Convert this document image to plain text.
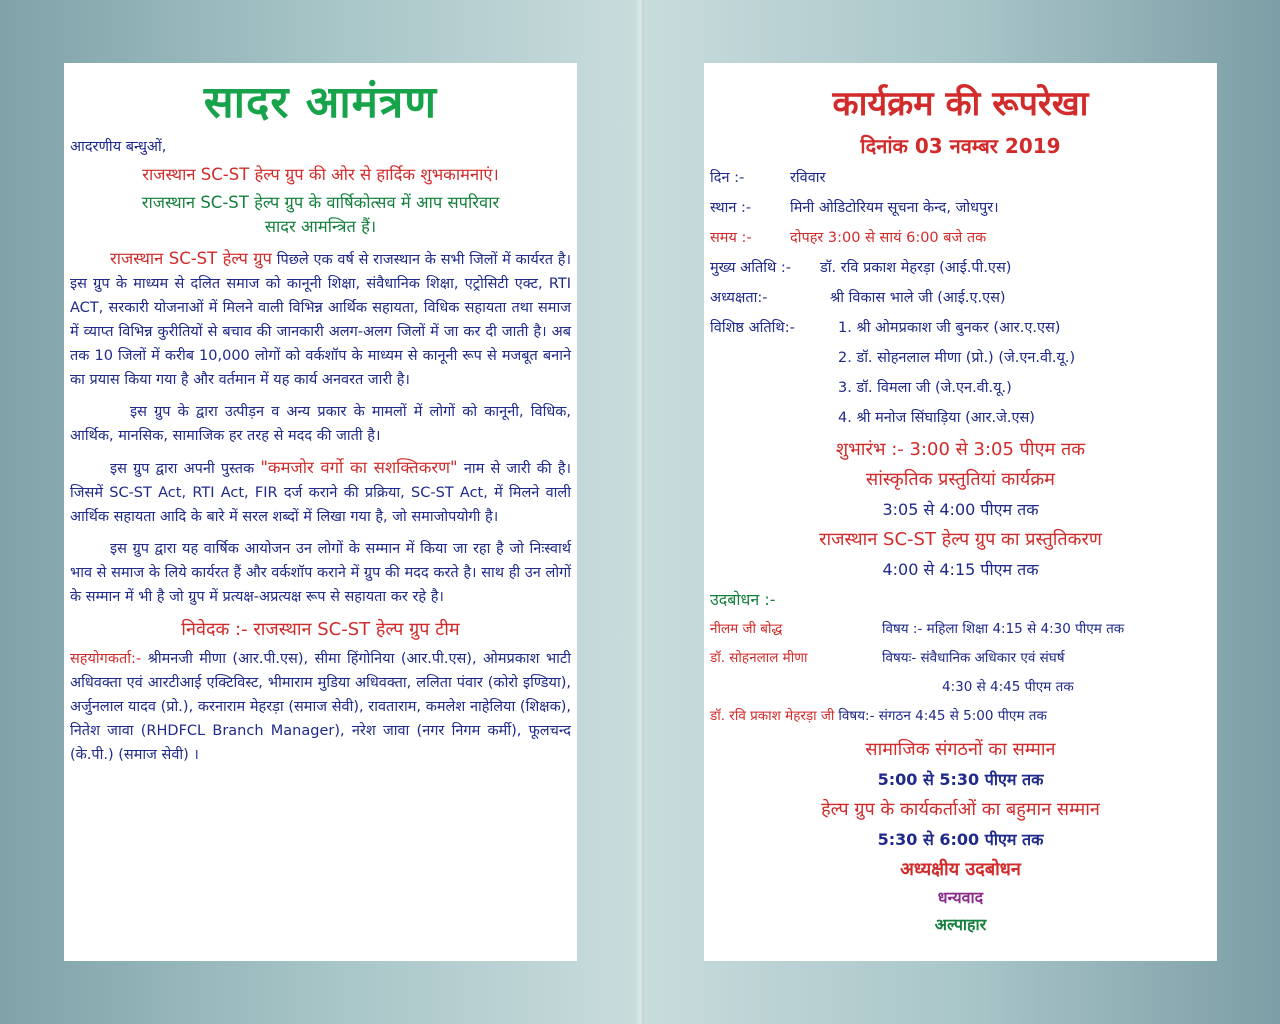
सादर आमंत्रण

आदरणीय बन्धुओं,

राजस्थान SC-ST हेल्प ग्रुप की ओर से हार्दिक शुभकामनाएं।

राजस्थान SC-ST हेल्प ग्रुप के वार्षिकोत्सव में आप सपरिवार

सादर आमन्त्रित हैं।

राजस्थान SC-ST हेल्प ग्रुप पिछले एक वर्ष से राजस्थान के सभी जिलों में कार्यरत है। इस ग्रुप के माध्यम से दलित समाज को कानूनी शिक्षा, संवैधानिक शिक्षा, एट्रोसिटी एक्ट, RTI ACT, सरकारी योजनाओं में मिलने वाली विभिन्न आर्थिक सहायता, विधिक सहायता तथा समाज में व्याप्त विभिन्न कुरीतियों से बचाव की जानकारी अलग-अलग जिलों में जा कर दी जाती है। अब तक 10 जिलों में करीब 10,000 लोगों को वर्कशॉप के माध्यम से कानूनी रूप से मजबूत बनाने का प्रयास किया गया है और वर्तमान में यह कार्य अनवरत जारी है।

इस ग्रुप के द्वारा उत्पीड़न व अन्य प्रकार के मामलों में लोगों को कानूनी, विधिक, आर्थिक, मानसिक, सामाजिक हर तरह से मदद की जाती है।

इस ग्रुप द्वारा अपनी पुस्तक "कमजोर वर्गो का सशक्तिकरण" नाम से जारी की है। जिसमें SC-ST Act, RTI Act, FIR दर्ज कराने की प्रक्रिया, SC-ST Act, में मिलने वाली आर्थिक सहायता आदि के बारे में सरल शब्दों में लिखा गया है, जो समाजोपयोगी है।

इस ग्रुप द्वारा यह वार्षिक आयोजन उन लोगों के सम्मान में किया जा रहा है जो निःस्वार्थ भाव से समाज के लिये कार्यरत हैं और वर्कशॉप कराने में ग्रुप की मदद करते है। साथ ही उन लोगों के सम्मान में भी है जो ग्रुप में प्रत्यक्ष-अप्रत्यक्ष रूप से सहायता कर रहे है।

निवेदक :- राजस्थान SC-ST हेल्प ग्रुप टीम

सहयोगकर्ता:- श्रीमनजी मीणा (आर.पी.एस), सीमा हिंगोनिया (आर.पी.एस), ओमप्रकाश भाटी अधिवक्ता एवं आरटीआई एक्टिविस्ट, भीमाराम मुडिया अधिवक्ता, ललिता पंवार (कोरो इण्डिया), अर्जुनलाल यादव (प्रो.), करनाराम मेहरड़ा (समाज सेवी), रावताराम, कमलेश नाहेलिया (शिक्षक), नितेश जावा (RHDFCL Branch Manager), नरेश जावा (नगर निगम कर्मी), फूलचन्द (के.पी.) (समाज सेवी) ।

कार्यक्रम की रूपरेखा
दिनांक 03 नवम्बर 2019
दिन :-	रविवार
स्थान :-	मिनी ओडिटोरियम सूचना केन्द, जोधपुर।
समय :-	दोपहर 3:00 से सायं 6:00 बजे तक
मुख्य अतिथि :-	डॉ. रवि प्रकाश मेहरड़ा (आई.पी.एस)
अध्यक्षता:-	श्री विकास भाले जी (आई.ए.एस)
विशिष्ठ अतिथि:-	1. श्री ओमप्रकाश जी बुनकर (आर.ए.एस)
2. डॉ. सोहनलाल मीणा (प्रो.) (जे.एन.वी.यू.)
3. डॉ. विमला जी (जे.एन.वी.यू.)
4. श्री मनोज सिंघाड़िया (आर.जे.एस)
शुभारंभ :- 3:00 से 3:05 पीएम तक
सांस्कृतिक प्रस्तुतियां कार्यक्रम
3:05 से 4:00 पीएम तक
राजस्थान SC-ST हेल्प ग्रुप का प्रस्तुतिकरण
4:00 से 4:15 पीएम तक
उदबोधन :-
नीलम जी बोद्ध	विषय :- महिला शिक्षा 4:15 से 4:30 पीएम तक
डॉ. सोहनलाल मीणा	विषयः- संवैधानिक अधिकार एवं संघर्ष
4:30 से 4:45 पीएम तक
डॉ. रवि प्रकाश मेहरड़ा जी विषय:- संगठन 4:45 से 5:00 पीएम तक
सामाजिक संगठनों का सम्मान
5:00 से 5:30 पीएम तक
हेल्प ग्रुप के कार्यकर्ताओं का बहुमान सम्मान
5:30 से 6:00 पीएम तक
अध्यक्षीय उदबोधन
धन्यवाद
अल्पाहार
